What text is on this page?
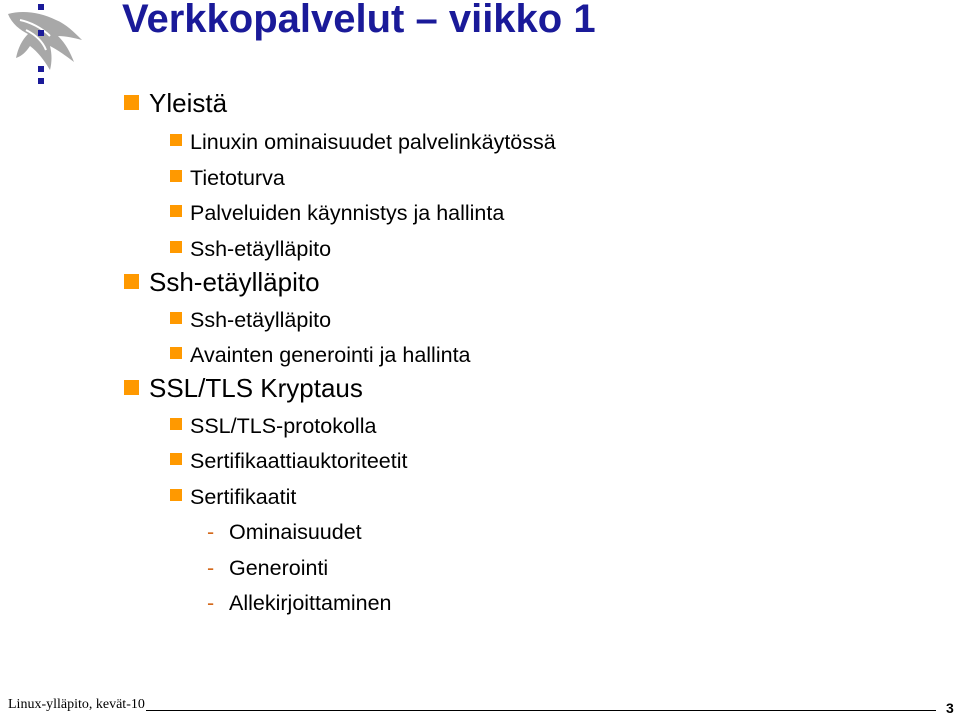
Verkkopalvelut – viikko 1
Yleistä
Linuxin ominaisuudet palvelinkäytössä
Tietoturva
Palveluiden käynnistys ja hallinta
Ssh-etäylläpito
Ssh-etäylläpito
Ssh-etäylläpito
Avainten generointi ja hallinta
SSL/TLS Kryptaus
SSL/TLS-protokolla
Sertifikaattiauktoriteetit
Sertifikaatit
- Ominaisuudet
- Generointi
- Allekirjoittaminen
Linux-ylläpito, kevät-10	3
